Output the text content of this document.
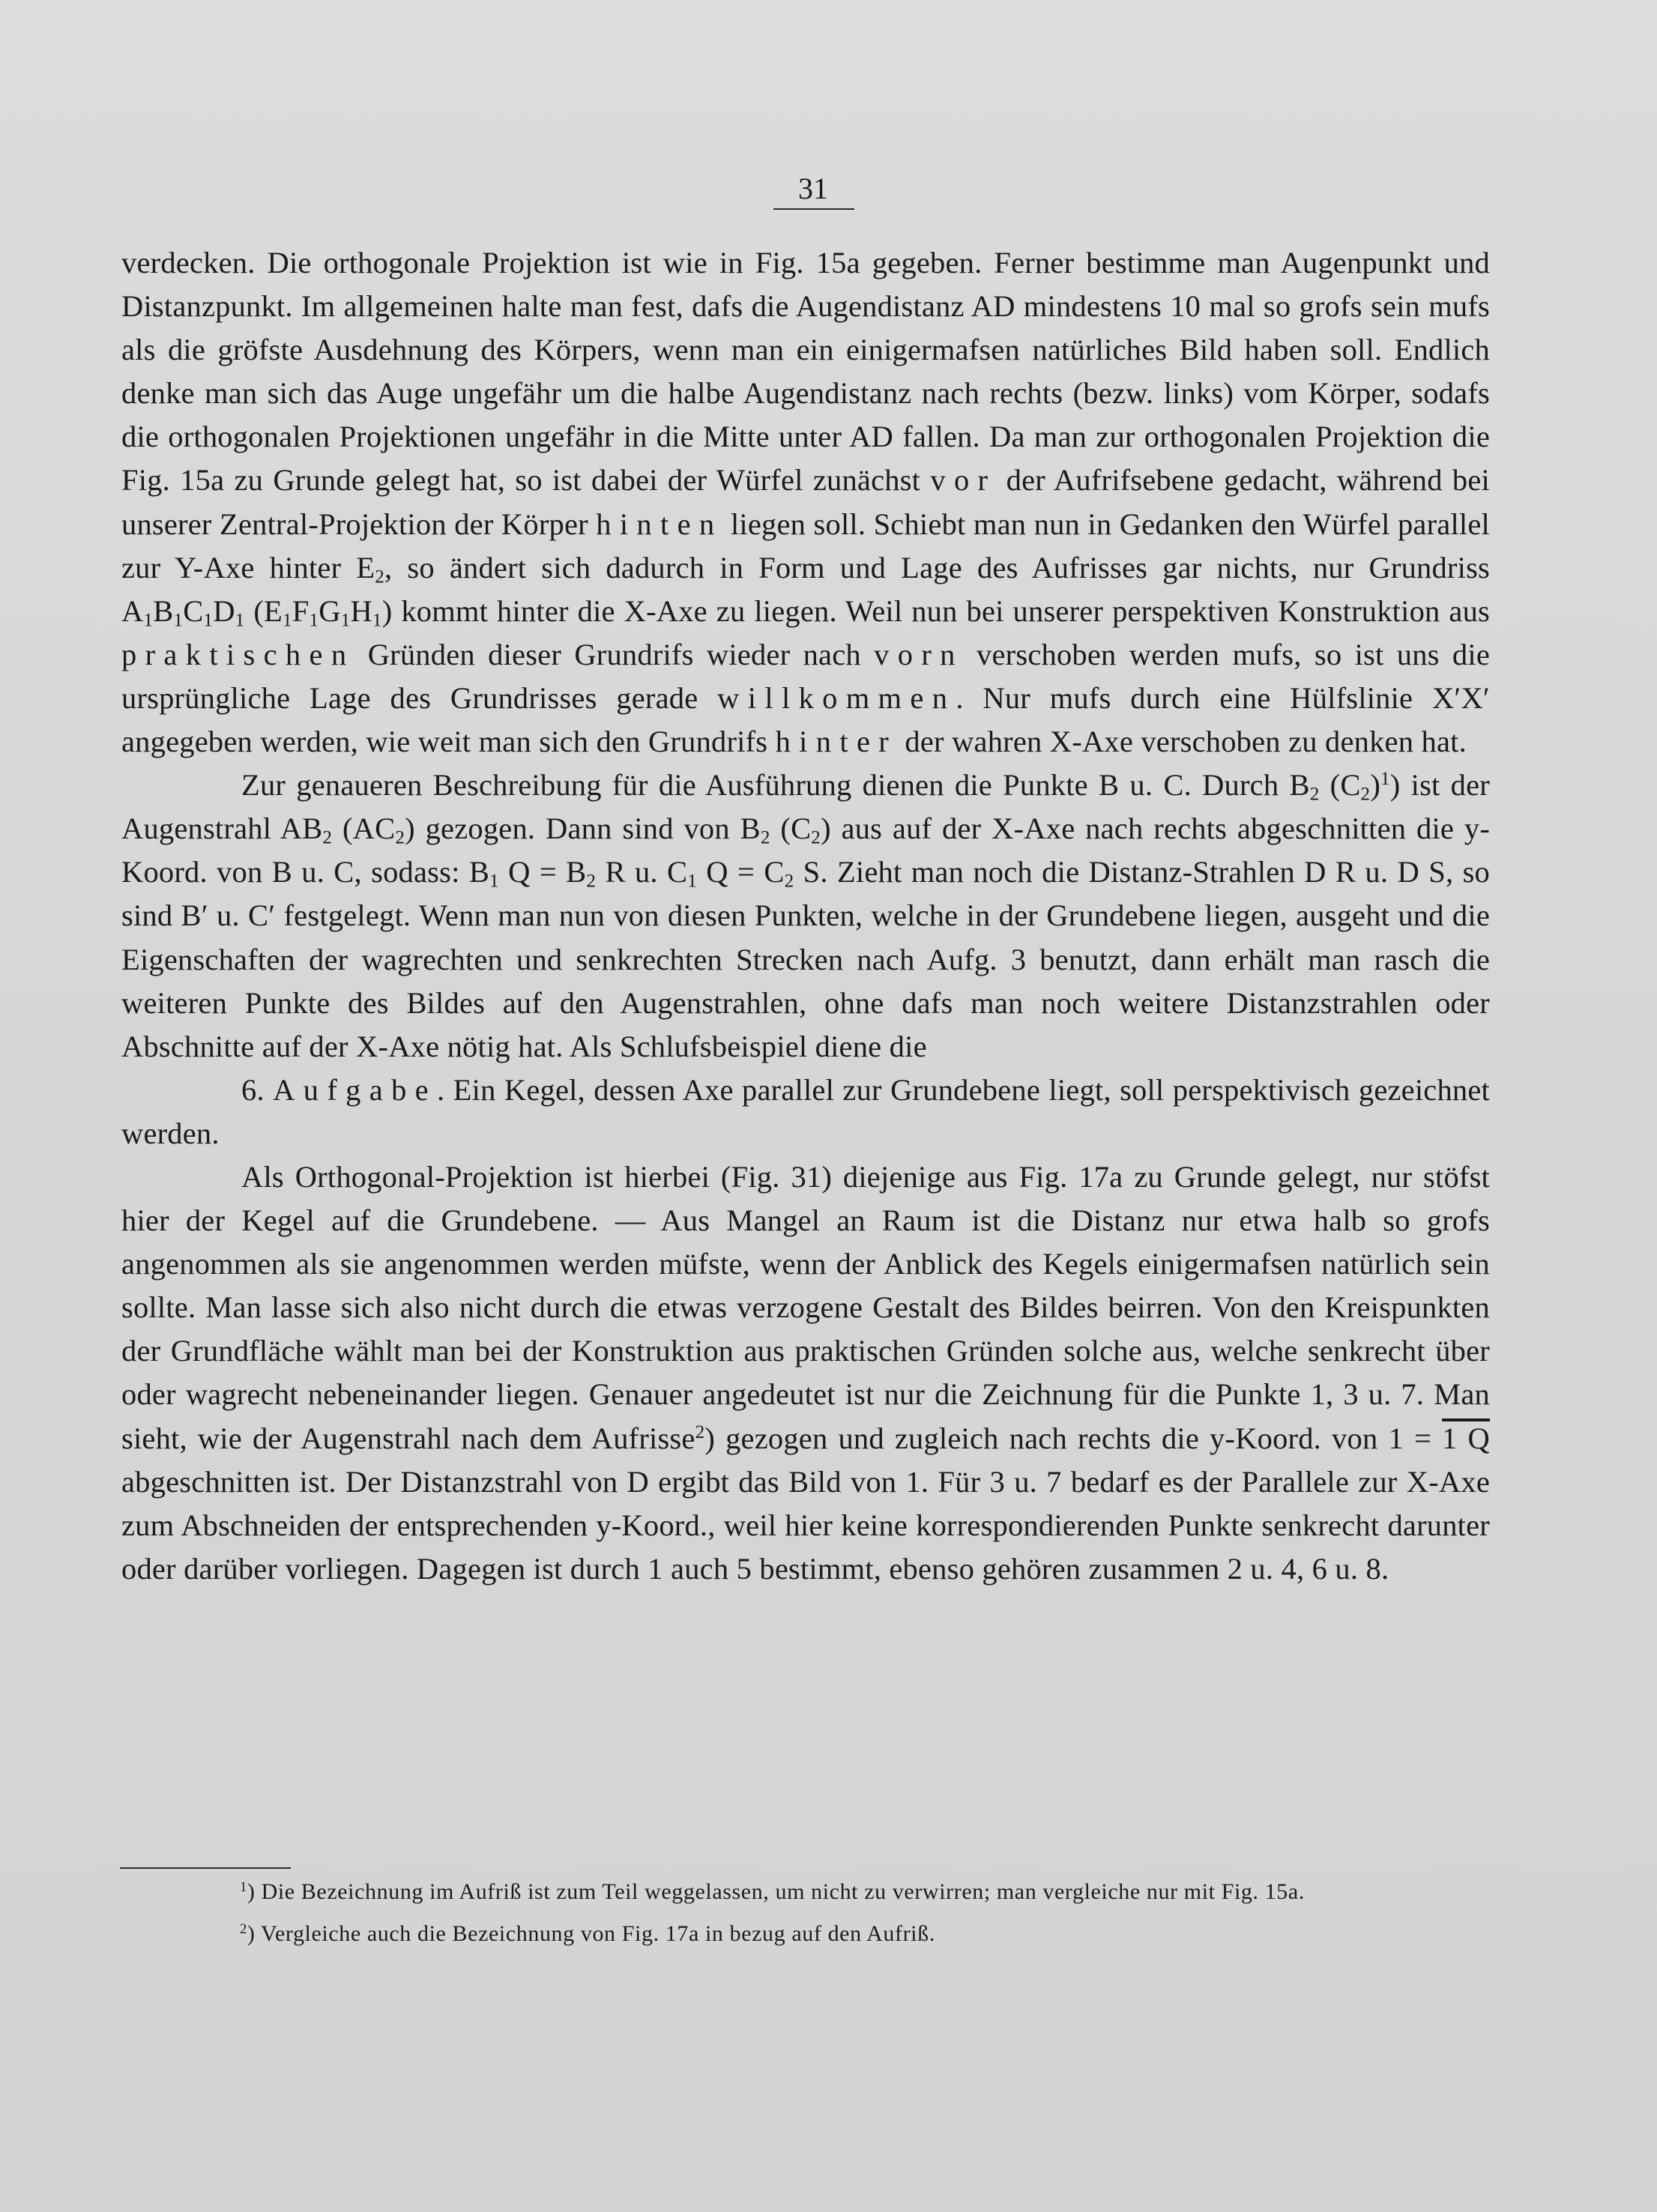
31

verdecken. Die orthogonale Projektion ist wie in Fig. 15a gegeben. Ferner bestimme man Augenpunkt und Distanzpunkt. Im allgemeinen halte man fest, dafs die Augendistanz AD mindestens 10 mal so grofs sein mufs als die gröfste Ausdehnung des Körpers, wenn man ein einigermafsen natürliches Bild haben soll. Endlich denke man sich das Auge ungefähr um die halbe Augendistanz nach rechts (bezw. links) vom Körper, sodafs die orthogonalen Projektionen ungefähr in die Mitte unter AD fallen. Da man zur orthogonalen Projektion die Fig. 15a zu Grunde gelegt hat, so ist dabei der Würfel zunächst vor der Aufrifsebene gedacht, während bei unserer Zentral-Projektion der Körper hinten liegen soll. Schiebt man nun in Gedanken den Würfel parallel zur Y-Axe hinter $E_2$, so ändert sich dadurch in Form und Lage des Aufrisses gar nichts, nur Grundriss $A_1B_1C_1D_1$ $(E_1F_1G_1H_1)$ kommt hinter die X-Axe zu liegen. Weil nun bei unserer perspektiven Konstruktion aus praktischen Gründen dieser Grundrifs wieder nach vorn verschoben werden mufs, so ist uns die ursprüngliche Lage des Grundrisses gerade willkommen. Nur mufs durch eine Hülfslinie X′X′ angegeben werden, wie weit man sich den Grundrifs hinter der wahren X-Axe verschoben zu denken hat.

Zur genaueren Beschreibung für die Ausführung dienen die Punkte B u. C. Durch $B_2$ $(C_2)^1$) ist der Augenstrahl $AB_2$ $(AC_2)$ gezogen. Dann sind von $B_2$ $(C_2)$ aus auf der X-Axe nach rechts abgeschnitten die y-Koord. von B u. C, sodass: $B_1$ $Q = B_2$ R u. $C_1$ $Q = C_2$ S. Zieht man noch die Distanz-Strahlen D R u. D S, so sind B′ u. C′ festgelegt. Wenn man nun von diesen Punkten, welche in der Grundebene liegen, ausgeht und die Eigenschaften der wagrechten und senkrechten Strecken nach Aufg. 3 benutzt, dann erhält man rasch die weiteren Punkte des Bildes auf den Augenstrahlen, ohne dafs man noch weitere Distanzstrahlen oder Abschnitte auf der X-Axe nötig hat. Als Schlufsbeispiel diene die

6. Aufgabe. Ein Kegel, dessen Axe parallel zur Grundebene liegt, soll perspektivisch gezeichnet werden.

Als Orthogonal-Projektion ist hierbei (Fig. 31) diejenige aus Fig. 17a zu Grunde gelegt, nur stöfst hier der Kegel auf die Grundebene. — Aus Mangel an Raum ist die Distanz nur etwa halb so grofs angenommen als sie angenommen werden müfste, wenn der Anblick des Kegels einigermafsen natürlich sein sollte. Man lasse sich also nicht durch die etwas verzogene Gestalt des Bildes beirren. Von den Kreispunkten der Grundfläche wählt man bei der Konstruktion aus praktischen Gründen solche aus, welche senkrecht über oder wagrecht nebeneinander liegen. Genauer angedeutet ist nur die Zeichnung für die Punkte 1, 3 u. 7. Man sieht, wie der Augenstrahl nach dem Aufrisse$^2$) gezogen und zugleich nach rechts die y-Koord. von 1 = 1 Q abgeschnitten ist. Der Distanzstrahl von D ergibt das Bild von 1. Für 3 u. 7 bedarf es der Parallele zur X-Axe zum Abschneiden der entsprechenden y-Koord., weil hier keine korrespondierenden Punkte senkrecht darunter oder darüber vorliegen. Dagegen ist durch 1 auch 5 bestimmt, ebenso gehören zusammen 2 u. 4, 6 u. 8.

$^1$) Die Bezeichnung im Aufriß ist zum Teil weggelassen, um nicht zu verwirren; man vergleiche nur mit Fig. 15a.

$^2$) Vergleiche auch die Bezeichnung von Fig. 17a in bezug auf den Aufriß.
